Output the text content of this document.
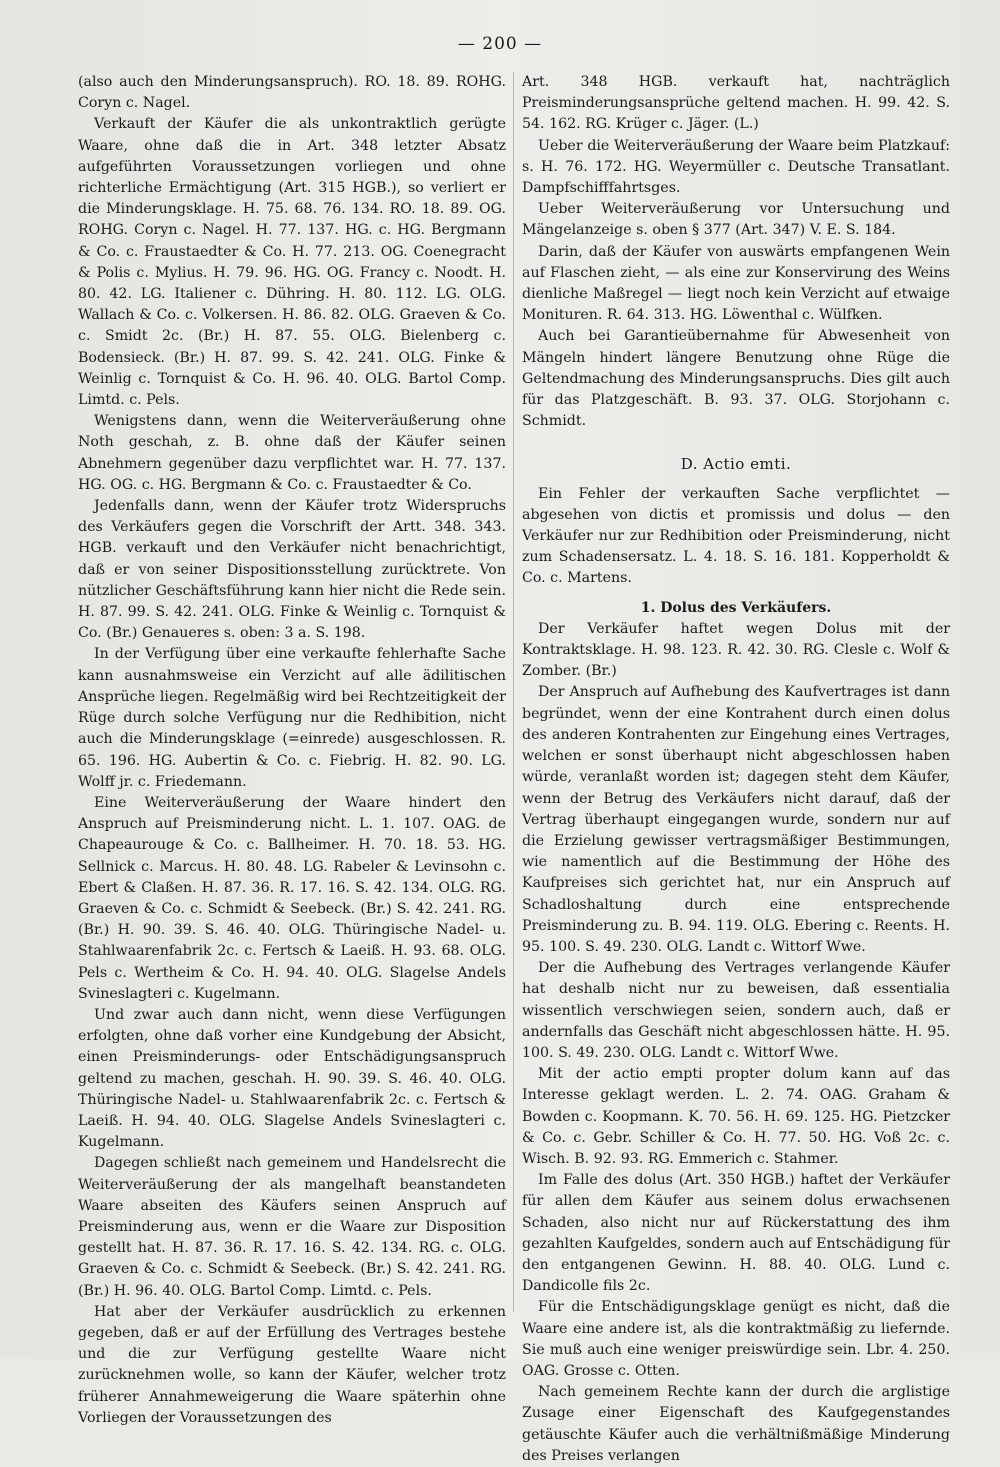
— 200 —

(also auch den Minderungsanspruch). RO. 18. 89. ROHG. Coryn c. Nagel.

Verkauft der Käufer die als unkontraktlich gerügte Waare, ohne daß die in Art. 348 letzter Absatz aufgeführten Voraussetzungen vorliegen und ohne richterliche Ermächtigung (Art. 315 HGB.), so verliert er die Minderungsklage. H. 75. 68. 76. 134. RO. 18. 89. OG. ROHG. Coryn c. Nagel. H. 77. 137. HG. c. HG. Bergmann & Co. c. Fraustaedter & Co. H. 77. 213. OG. Coenegracht & Polis c. Mylius. H. 79. 96. HG. OG. Francy c. Noodt. H. 80. 42. LG. Italiener c. Dühring. H. 80. 112. LG. OLG. Wallach & Co. c. Volkersen. H. 86. 82. OLG. Graeven & Co. c. Smidt 2c. (Br.) H. 87. 55. OLG. Bielenberg c. Bodensieck. (Br.) H. 87. 99. S. 42. 241. OLG. Finke & Weinlig c. Tornquist & Co. H. 96. 40. OLG. Bartol Comp. Limtd. c. Pels.

Wenigstens dann, wenn die Weiterveräußerung ohne Noth geschah, z. B. ohne daß der Käufer seinen Abnehmern gegenüber dazu verpflichtet war. H. 77. 137. HG. OG. c. HG. Bergmann & Co. c. Fraustaedter & Co.

Jedenfalls dann, wenn der Käufer trotz Widerspruchs des Verkäufers gegen die Vorschrift der Artt. 348. 343. HGB. verkauft und den Verkäufer nicht benachrichtigt, daß er von seiner Dispositionsstellung zurücktrete. Von nützlicher Geschäftsführung kann hier nicht die Rede sein. H. 87. 99. S. 42. 241. OLG. Finke & Weinlig c. Tornquist & Co. (Br.) Genaueres s. oben: 3 a. S. 198.

In der Verfügung über eine verkaufte fehlerhafte Sache kann ausnahmsweise ein Verzicht auf alle ädilitischen Ansprüche liegen. Regelmäßig wird bei Rechtzeitigkeit der Rüge durch solche Verfügung nur die Redhibition, nicht auch die Minderungsklage (=einrede) ausgeschlossen. R. 65. 196. HG. Aubertin & Co. c. Fiebrig. H. 82. 90. LG. Wolff jr. c. Friedemann.

Eine Weiterveräußerung der Waare hindert den Anspruch auf Preisminderung nicht. L. 1. 107. OAG. de Chapeaurouge & Co. c. Ballheimer. H. 70. 18. 53. HG. Sellnick c. Marcus. H. 80. 48. LG. Rabeler & Levinsohn c. Ebert & Claßen. H. 87. 36. R. 17. 16. S. 42. 134. OLG. RG. Graeven & Co. c. Schmidt & Seebeck. (Br.) S. 42. 241. RG. (Br.) H. 90. 39. S. 46. 40. OLG. Thüringische Nadel- u. Stahlwaarenfabrik 2c. c. Fertsch & Laeiß. H. 93. 68. OLG. Pels c. Wertheim & Co. H. 94. 40. OLG. Slagelse Andels Svineslagteri c. Kugelmann.

Und zwar auch dann nicht, wenn diese Verfügungen erfolgten, ohne daß vorher eine Kundgebung der Absicht, einen Preisminderungs- oder Entschädigungsanspruch geltend zu machen, geschah. H. 90. 39. S. 46. 40. OLG. Thüringische Nadel- u. Stahlwaarenfabrik 2c. c. Fertsch & Laeiß. H. 94. 40. OLG. Slagelse Andels Svineslagteri c. Kugelmann.

Dagegen schließt nach gemeinem und Handelsrecht die Weiterveräußerung der als mangelhaft beanstandeten Waare abseiten des Käufers seinen Anspruch auf Preisminderung aus, wenn er die Waare zur Disposition gestellt hat. H. 87. 36. R. 17. 16. S. 42. 134. RG. c. OLG. Graeven & Co. c. Schmidt & Seebeck. (Br.) S. 42. 241. RG. (Br.) H. 96. 40. OLG. Bartol Comp. Limtd. c. Pels.

Hat aber der Verkäufer ausdrücklich zu erkennen gegeben, daß er auf der Erfüllung des Vertrages bestehe und die zur Verfügung gestellte Waare nicht zurücknehmen wolle, so kann der Käufer, welcher trotz früherer Annahmeweigerung die Waare späterhin ohne Vorliegen der Voraussetzungen des

Art. 348 HGB. verkauft hat, nachträglich Preisminderungsansprüche geltend machen. H. 99. 42. S. 54. 162. RG. Krüger c. Jäger. (L.)

Ueber die Weiterveräußerung der Waare beim Platzkauf: s. H. 76. 172. HG. Weyermüller c. Deutsche Transatlant. Dampfschifffahrtsges.

Ueber Weiterveräußerung vor Untersuchung und Mängelanzeige s. oben § 377 (Art. 347) V. E. S. 184.

Darin, daß der Käufer von auswärts empfangenen Wein auf Flaschen zieht, — als eine zur Konservirung des Weins dienliche Maßregel — liegt noch kein Verzicht auf etwaige Monituren. R. 64. 313. HG. Löwenthal c. Wülfken.

Auch bei Garantieübernahme für Abwesenheit von Mängeln hindert längere Benutzung ohne Rüge die Geltendmachung des Minderungsanspruchs. Dies gilt auch für das Platzgeschäft. B. 93. 37. OLG. Storjohann c. Schmidt.

D. Actio emti.

Ein Fehler der verkauften Sache verpflichtet — abgesehen von dictis et promissis und dolus — den Verkäufer nur zur Redhibition oder Preisminderung, nicht zum Schadensersatz. L. 4. 18. S. 16. 181. Kopperholdt & Co. c. Martens.

1. Dolus des Verkäufers.

Der Verkäufer haftet wegen Dolus mit der Kontraktsklage. H. 98. 123. R. 42. 30. RG. Clesle c. Wolf & Zomber. (Br.)

Der Anspruch auf Aufhebung des Kaufvertrages ist dann begründet, wenn der eine Kontrahent durch einen dolus des anderen Kontrahenten zur Eingehung eines Vertrages, welchen er sonst überhaupt nicht abgeschlossen haben würde, veranlaßt worden ist; dagegen steht dem Käufer, wenn der Betrug des Verkäufers nicht darauf, daß der Vertrag überhaupt eingegangen wurde, sondern nur auf die Erzielung gewisser vertragsmäßiger Bestimmungen, wie namentlich auf die Bestimmung der Höhe des Kaufpreises sich gerichtet hat, nur ein Anspruch auf Schadloshaltung durch eine entsprechende Preisminderung zu. B. 94. 119. OLG. Ebering c. Reents. H. 95. 100. S. 49. 230. OLG. Landt c. Wittorf Wwe.

Der die Aufhebung des Vertrages verlangende Käufer hat deshalb nicht nur zu beweisen, daß essentialia wissentlich verschwiegen seien, sondern auch, daß er andernfalls das Geschäft nicht abgeschlossen hätte. H. 95. 100. S. 49. 230. OLG. Landt c. Wittorf Wwe.

Mit der actio empti propter dolum kann auf das Interesse geklagt werden. L. 2. 74. OAG. Graham & Bowden c. Koopmann. K. 70. 56. H. 69. 125. HG. Pietzcker & Co. c. Gebr. Schiller & Co. H. 77. 50. HG. Voß 2c. c. Wisch. B. 92. 93. RG. Emmerich c. Stahmer.

Im Falle des dolus (Art. 350 HGB.) haftet der Verkäufer für allen dem Käufer aus seinem dolus erwachsenen Schaden, also nicht nur auf Rückerstattung des ihm gezahlten Kaufgeldes, sondern auch auf Entschädigung für den entgangenen Gewinn. H. 88. 40. OLG. Lund c. Dandicolle fils 2c.

Für die Entschädigungsklage genügt es nicht, daß die Waare eine andere ist, als die kontraktmäßig zu liefernde. Sie muß auch eine weniger preiswürdige sein. Lbr. 4. 250. OAG. Grosse c. Otten.

Nach gemeinem Rechte kann der durch die arglistige Zusage einer Eigenschaft des Kaufgegenstandes getäuschte Käufer auch die verhältnißmäßige Minderung des Preises verlangen
